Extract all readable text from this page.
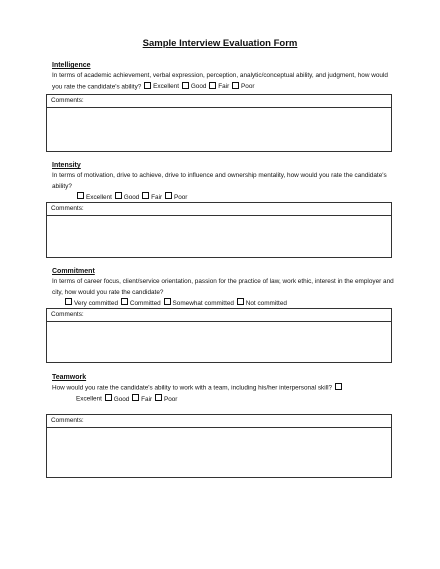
Sample Interview Evaluation Form

Intelligence

In terms of academic achievement, verbal expression, perception, analytic/conceptual ability, and judgment, how would you rate the candidate's ability? Excellent Good Fair Poor

Comments:

Intensity

In terms of motivation, drive to achieve, drive to influence and ownership mentality, how would you rate the candidate's ability?

Excellent Good Fair Poor
Comments:

Commitment

In terms of career focus, client/service orientation, passion for the practice of law, work ethic, interest in the employer and city, how would you rate the candidate?

Very committed Committed Somewhat committed Not committed
Comments:

Teamwork

How would you rate the candidate's ability to work with a team, including his/her interpersonal skill?

Excellent Good Fair Poor
Comments:
